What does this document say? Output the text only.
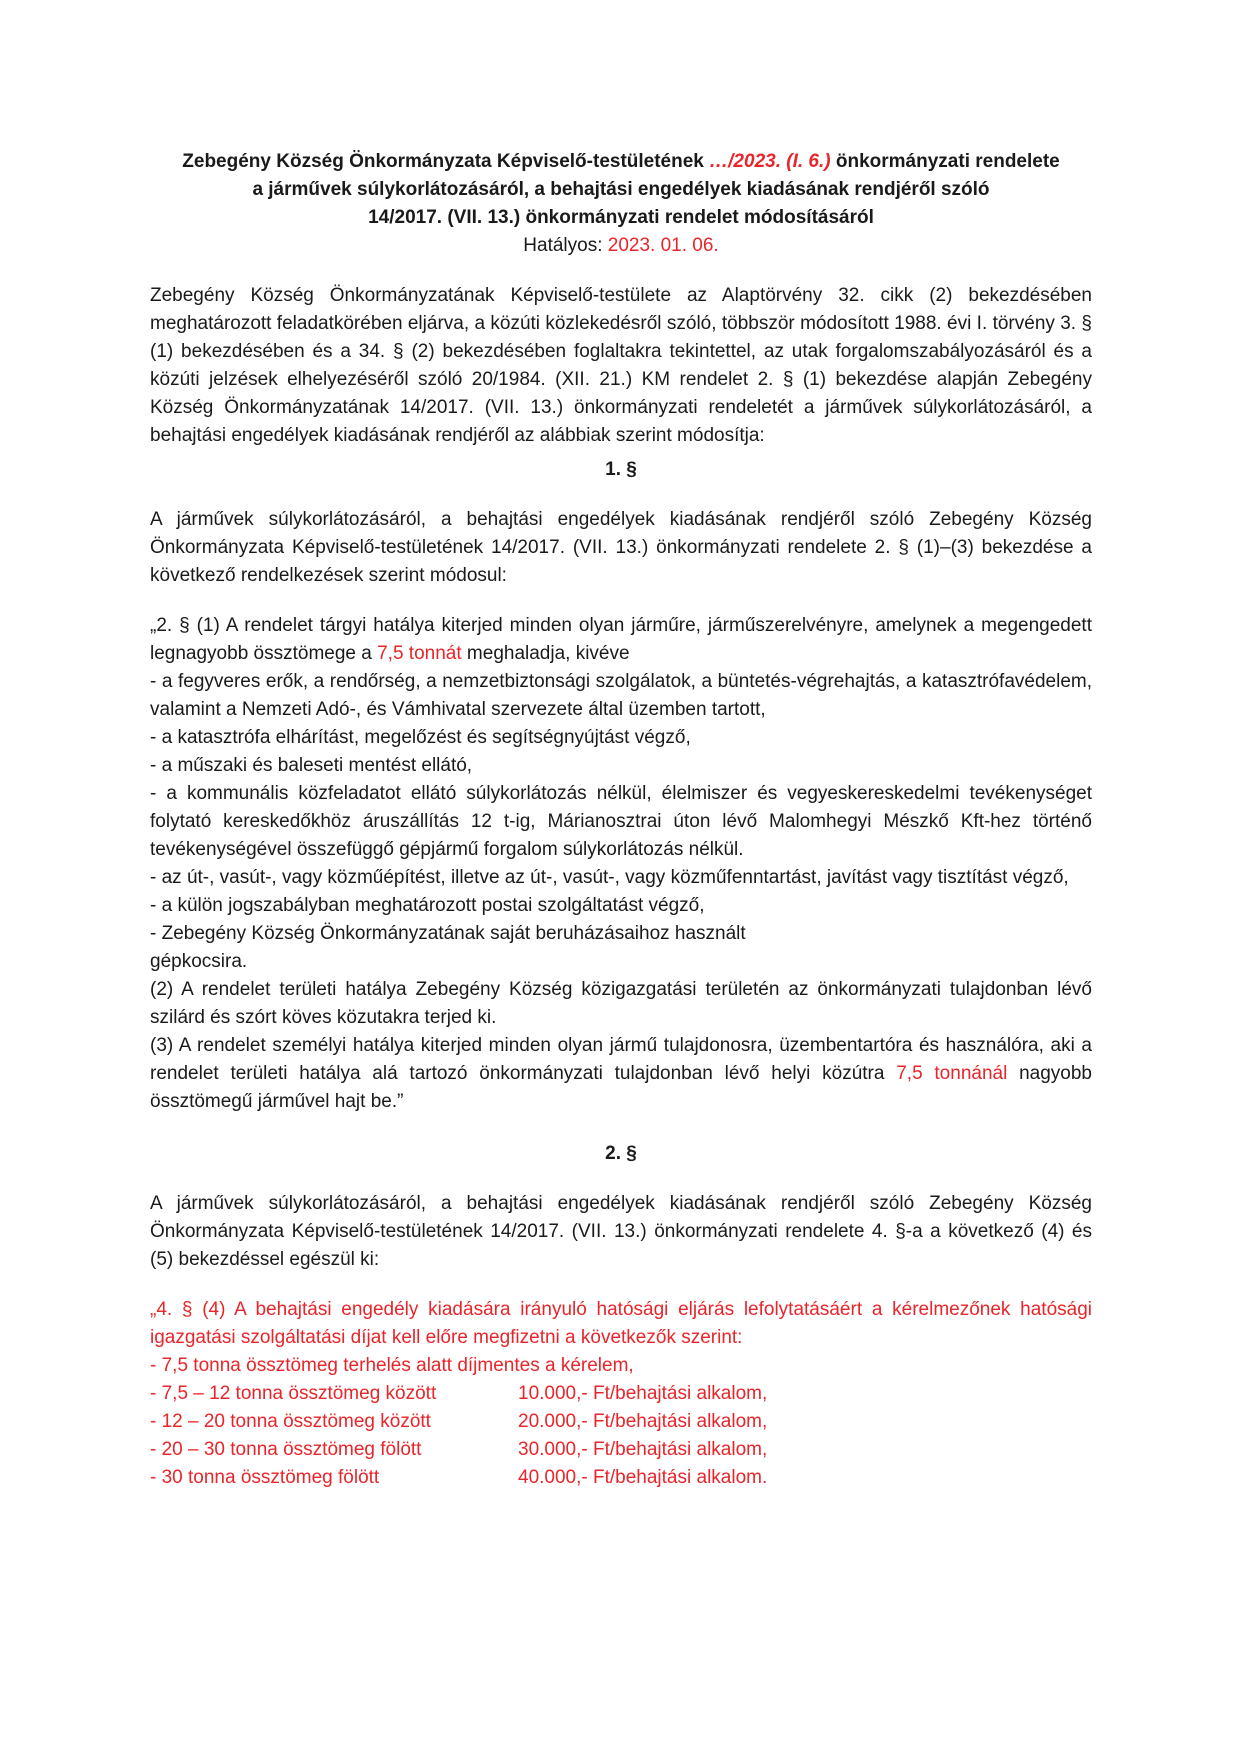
Zebegény Község Önkormányzata Képviselő-testületének …/2023. (I. 6.) önkormányzati rendelete
a járművek súlykorlátozásáról, a behajtási engedélyek kiadásának rendjéről szóló
14/2017. (VII. 13.) önkormányzati rendelet módosításáról
Hatályos: 2023. 01. 06.

Zebegény Község Önkormányzatának Képviselő-testülete az Alaptörvény 32. cikk (2) bekezdésében meghatározott feladatkörében eljárva, a közúti közlekedésről szóló, többször módosított 1988. évi I. törvény 3. § (1) bekezdésében és a 34. § (2) bekezdésében foglaltakra tekintettel, az utak forgalomszabályozásáról és a közúti jelzések elhelyezéséről szóló 20/1984. (XII. 21.) KM rendelet 2. § (1) bekezdése alapján Zebegény Község Önkormányzatának 14/2017. (VII. 13.) önkormányzati rendeletét a járművek súlykorlátozásáról, a behajtási engedélyek kiadásának rendjéről az alábbiak szerint módosítja:

1. §

A járművek súlykorlátozásáról, a behajtási engedélyek kiadásának rendjéről szóló Zebegény Község Önkormányzata Képviselő-testületének 14/2017. (VII. 13.) önkormányzati rendelete 2. § (1)–(3) bekezdése a következő rendelkezések szerint módosul:

„2. § (1) A rendelet tárgyi hatálya kiterjed minden olyan járműre, járműszerelvényre, amelynek a megengedett legnagyobb össztömege a 7,5 tonnát meghaladja, kivéve

- a fegyveres erők, a rendőrség, a nemzetbiztonsági szolgálatok, a büntetés-végrehajtás, a katasztrófavédelem, valamint a Nemzeti Adó-, és Vámhivatal szervezete által üzemben tartott,

- a katasztrófa elhárítást, megelőzést és segítségnyújtást végző,

- a műszaki és baleseti mentést ellátó,

- a kommunális közfeladatot ellátó súlykorlátozás nélkül, élelmiszer és vegyeskereskedelmi tevékenységet folytató kereskedőkhöz áruszállítás 12 t-ig, Márianosztrai úton lévő Malomhegyi Mészkő Kft-hez történő tevékenységével összefüggő gépjármű forgalom súlykorlátozás nélkül.

- az út-, vasút-, vagy közműépítést, illetve az út-, vasút-, vagy közműfenntartást, javítást vagy tisztítást végző,

- a külön jogszabályban meghatározott postai szolgáltatást végző,

- Zebegény Község Önkormányzatának saját beruházásaihoz használt

gépkocsira.

(2) A rendelet területi hatálya Zebegény Község közigazgatási területén az önkormányzati tulajdonban lévő szilárd és szórt köves közutakra terjed ki.

(3) A rendelet személyi hatálya kiterjed minden olyan jármű tulajdonosra, üzembentartóra és használóra, aki a rendelet területi hatálya alá tartozó önkormányzati tulajdonban lévő helyi közútra 7,5 tonnánál nagyobb össztömegű járművel hajt be.”

2. §

A járművek súlykorlátozásáról, a behajtási engedélyek kiadásának rendjéről szóló Zebegény Község Önkormányzata Képviselő-testületének 14/2017. (VII. 13.) önkormányzati rendelete 4. §-a a következő (4) és (5) bekezdéssel egészül ki:

„4. § (4) A behajtási engedély kiadására irányuló hatósági eljárás lefolytatásáért a kérelmezőnek hatósági igazgatási szolgáltatási díjat kell előre megfizetni a következők szerint:

- 7,5 tonna össztömeg terhelés alatt díjmentes a kérelem,

- 7,5 – 12 tonna össztömeg között	10.000,- Ft/behajtási alkalom,
- 12 – 20 tonna össztömeg között	20.000,- Ft/behajtási alkalom,
- 20 – 30 tonna össztömeg fölött	30.000,- Ft/behajtási alkalom,
- 30 tonna össztömeg fölött	40.000,- Ft/behajtási alkalom.
